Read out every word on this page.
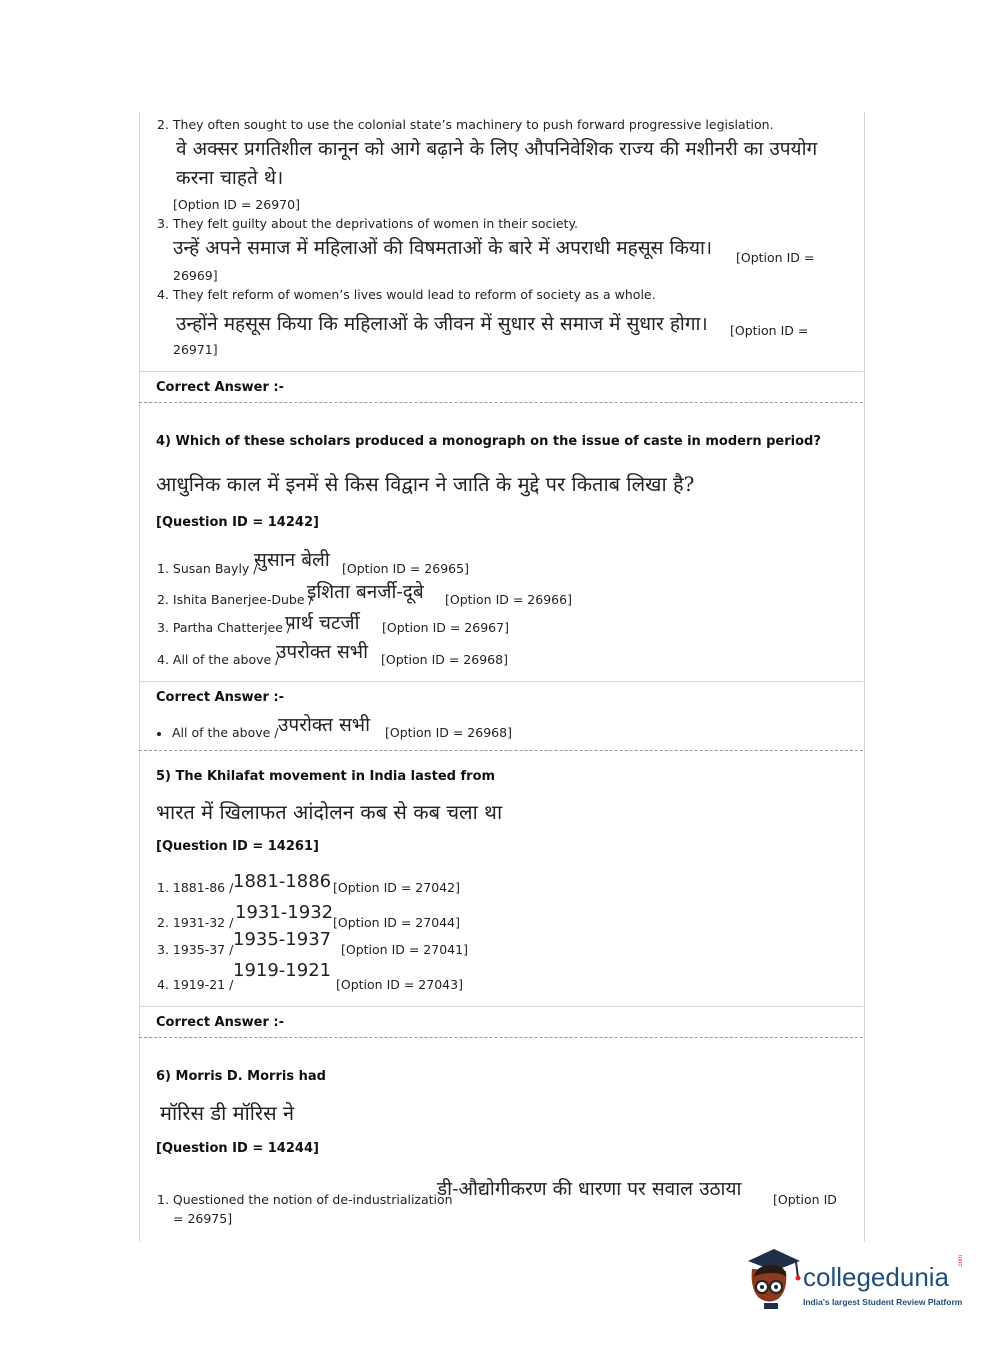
2. They often sought to use the colonial state’s machinery to push forward progressive legislation.
वे अक्सर प्रगतिशील कानून को आगे बढ़ाने के लिए औपनिवेशिक राज्य की मशीनरी का उपयोग
करना चाहते थे।
[Option ID = 26970]
3. They felt guilty about the deprivations of women in their society.
उन्हें अपने समाज में महिलाओं की विषमताओं के बारे में अपराधी महसूस किया। [Option ID =
26969]
4. They felt reform of women’s lives would lead to reform of society as a whole.
उन्होंने महसूस किया कि महिलाओं के जीवन में सुधार से समाज में सुधार होगा। [Option ID =
26971]
Correct Answer :-
4) Which of these scholars produced a monograph on the issue of caste in modern period?
आधुनिक काल में इनमें से किस विद्वान ने जाति के मुद्दे पर किताब लिखा है?
[Question ID = 14242]
1. Susan Bayly /
सुसान बेली [Option ID = 26965]
2. Ishita Banerjee-Dube /
इशिता बनर्जी-दूबे [Option ID = 26966]
3. Partha Chatterjee /
पार्थ चटर्जी [Option ID = 26967]
4. All of the above /
उपरोक्त सभी [Option ID = 26968]
Correct Answer :-
All of the above / उपरोक्त सभी [Option ID = 26968]
5) The Khilafat movement in India lasted from
भारत में खिलाफत आंदोलन कब से कब चला था
[Question ID = 14261]
1. 1881-86 / 1881-1886 [Option ID = 27042]
2. 1931-32 / 1931-1932 [Option ID = 27044]
3. 1935-37 / 1935-1937 [Option ID = 27041]
4. 1919-21 /
1919-1921
[Option ID = 27043]
Correct Answer :-
6) Morris D. Morris had
मॉरिस डी मॉरिस ने
[Question ID = 14244]
1. Questioned the notion of de-industrialization
डी-औद्योगीकरण की धारणा पर सवाल उठाया	[Option ID
= 26975]
collegedunia
.com
India's largest Student Review Platform
